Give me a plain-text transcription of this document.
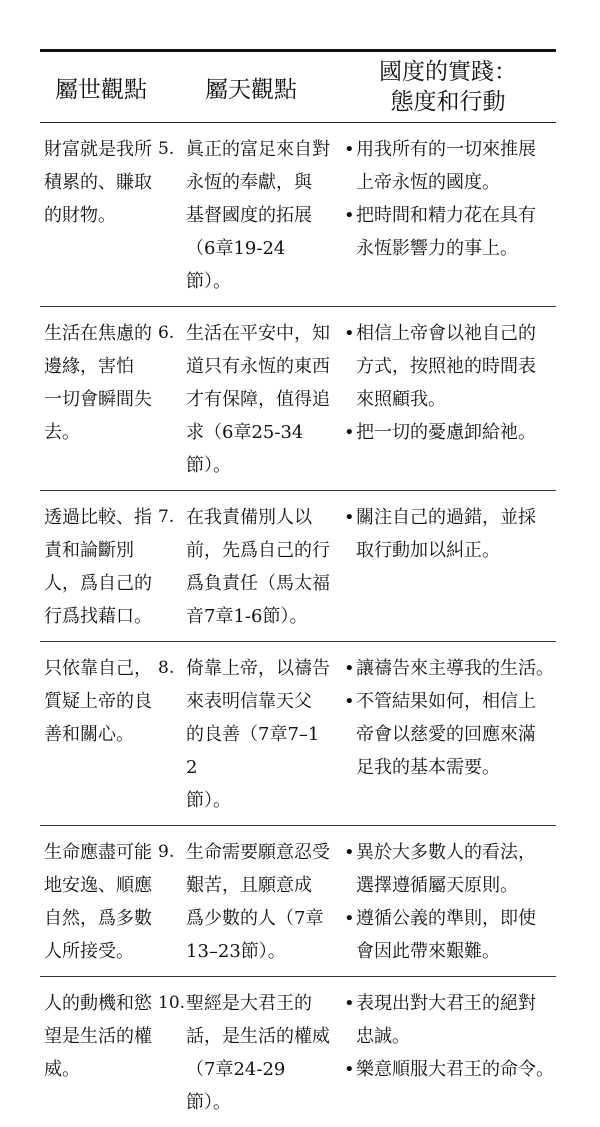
屬世觀點	屬天觀點
國度的實踐：
態度和行動
財富就是我所
積累的、賺取
的財物。
5. 眞正的富足來自對
永恆的奉獻，與
基督國度的拓展
（6章19-24節）。
• 用我所有的一切來推展
上帝永恆的國度。
• 把時間和精力花在具有
永恆影響力的事上。
生活在焦慮的
邊緣，害怕
一切會瞬間失
去。
6. 生活在平安中，知
道只有永恆的東西
才有保障，值得追
求（6章25-34節）。
• 相信上帝會以祂自己的
方式，按照祂的時間表
來照顧我。
• 把一切的憂慮卸給祂。
透過比較、指
責和論斷別
人，爲自己的
行爲找藉口。
7. 在我責備別人以
前，先爲自己的行
爲負責任（馬太福
音7章1-6節）。
• 關注自己的過錯，並採
取行動加以糾正。
只依靠自己，
質疑上帝的良
善和關心。
8. 倚靠上帝，以禱告
來表明信靠天父
的良善（7章7–12
節）。
• 讓禱告來主導我的生活。
• 不管結果如何，相信上
帝會以慈愛的回應來滿
足我的基本需要。
生命應盡可能
地安逸、順應
自然，爲多數
人所接受。
9. 生命需要願意忍受
艱苦，且願意成
爲少數的人（7章
13–23節）。
• 異於大多數人的看法，
選擇遵循屬天原則。
• 遵循公義的準則，即使
會因此帶來艱難。
人的動機和慾
望是生活的權
威。
10. 聖經是大君王的
話，是生活的權威
（7章24-29節）。
• 表現出對大君王的絕對
忠誠。
• 樂意順服大君王的命令。
